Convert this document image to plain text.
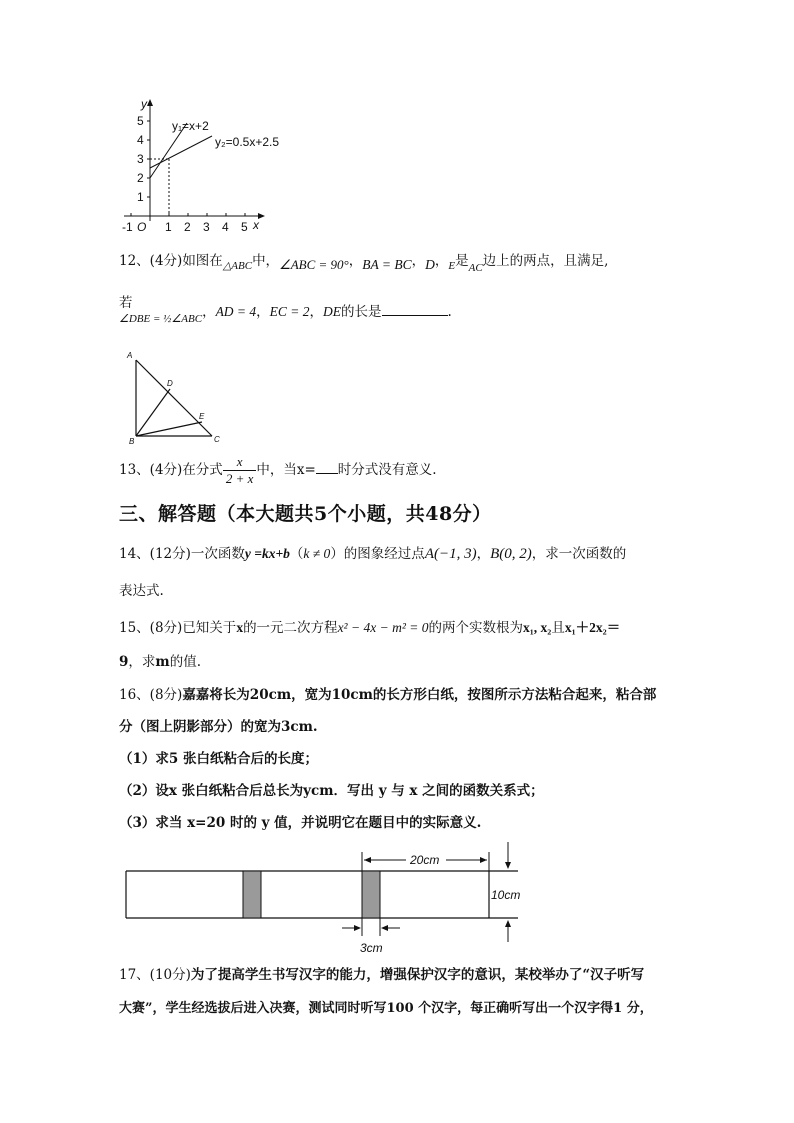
1
2
3
4
5
y
-1 O 1 2 3 4 5 x
y₁=x+2
y₂=0.5x+2.5
12、(4分)如图在$_{\triangle ABC}$中，∠ABC = 90°，BA = BC，D，$_E$是$_{AC}$边上的两点，且满足,
若
$_{\angle DBE = \frac{1}{2}\angle ABC}$，AD = 4，EC = 2，DE的长是	.
A
D
E
B	C
13、(4分)在分式 $\frac{x}{2 + x}$ 中，当x= 时分式没有意义.
三、解答题（本大题共5个小题，共48分）
14、(12分)一次函数y =kx+b（k ≠ 0）的图象经过点A(−1, 3)，B(0, 2)，求一次函数的
表达式.
15、(8分)已知关于x的一元二次方程x² − 4x − m² = 0的两个实数根为x₁, x₂且x₁＋2x₂＝
9，求m的值.
16、(8分)嘉嘉将长为20cm，宽为10cm的长方形白纸，按图所示方法粘合起来，粘合部
分（图上阴影部分）的宽为3cm.
（1）求5 张白纸粘合后的长度；
（2）设x 张白纸粘合后总长为ycm．写出 y 与 x 之间的函数关系式；
（3）求当 x=20 时的 y 值，并说明它在题目中的实际意义.
20cm
10cm
3cm
17、(10分)为了提高学生书写汉字的能力，增强保护汉字的意识，某校举办了“汉子听写
大赛”，学生经选拔后进入决赛，测试同时听写100 个汉字，每正确听写出一个汉字得1 分，
